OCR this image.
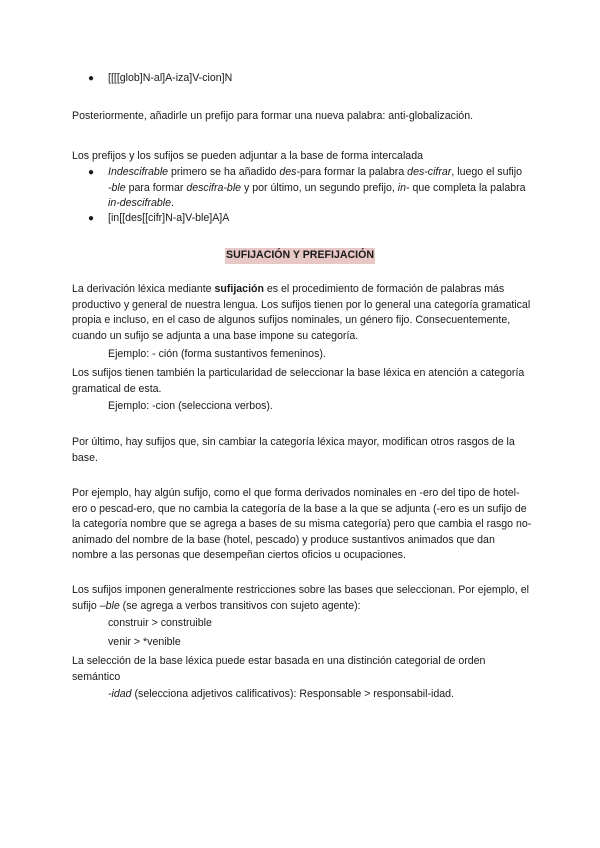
● [[[[glob]N-al]A-iza]V-cion]N
Posteriormente, añadirle un prefijo para formar una nueva palabra: anti-globalización.
Los prefijos y los sufijos se pueden adjuntar a la base de forma intercalada
● Indescifrable primero se ha añadido des-para formar la palabra des-cifrar, luego el sufijo -ble para formar descifra-ble y por último, un segundo prefijo, in- que completa la palabra in-descifrable.
● [in[[des[[cifr]N-a]V-ble]A]A
SUFIJACIÓN Y PREFIJACIÓN
La derivación léxica mediante sufijación es el procedimiento de formación de palabras más productivo y general de nuestra lengua. Los sufijos tienen por lo general una categoría gramatical propia e incluso, en el caso de algunos sufijos nominales, un género fijo. Consecuentemente, cuando un sufijo se adjunta a una base impone su categoría.
Ejemplo: - ción (forma sustantivos femeninos).
Los sufijos tienen también la particularidad de seleccionar la base léxica en atención a categoría gramatical de esta.
Ejemplo: -cion (selecciona verbos).
Por último, hay sufijos que, sin cambiar la categoría léxica mayor, modifican otros rasgos de la base.
Por ejemplo, hay algún sufijo, como el que forma derivados nominales en -ero del tipo de hotel-ero o pescad-ero, que no cambia la categoría de la base a la que se adjunta (-ero es un sufijo de la categoría nombre que se agrega a bases de su misma categoría) pero que cambia el rasgo no-animado del nombre de la base (hotel, pescado) y produce sustantivos animados que dan nombre a las personas que desempeñan ciertos oficios u ocupaciones.
Los sufijos imponen generalmente restricciones sobre las bases que seleccionan. Por ejemplo, el sufijo –ble (se agrega a verbos transitivos con sujeto agente):
construir > construible
venir > *venible
La selección de la base léxica puede estar basada en una distinción categorial de orden semántico
-idad (selecciona adjetivos calificativos): Responsable > responsabil-idad.
